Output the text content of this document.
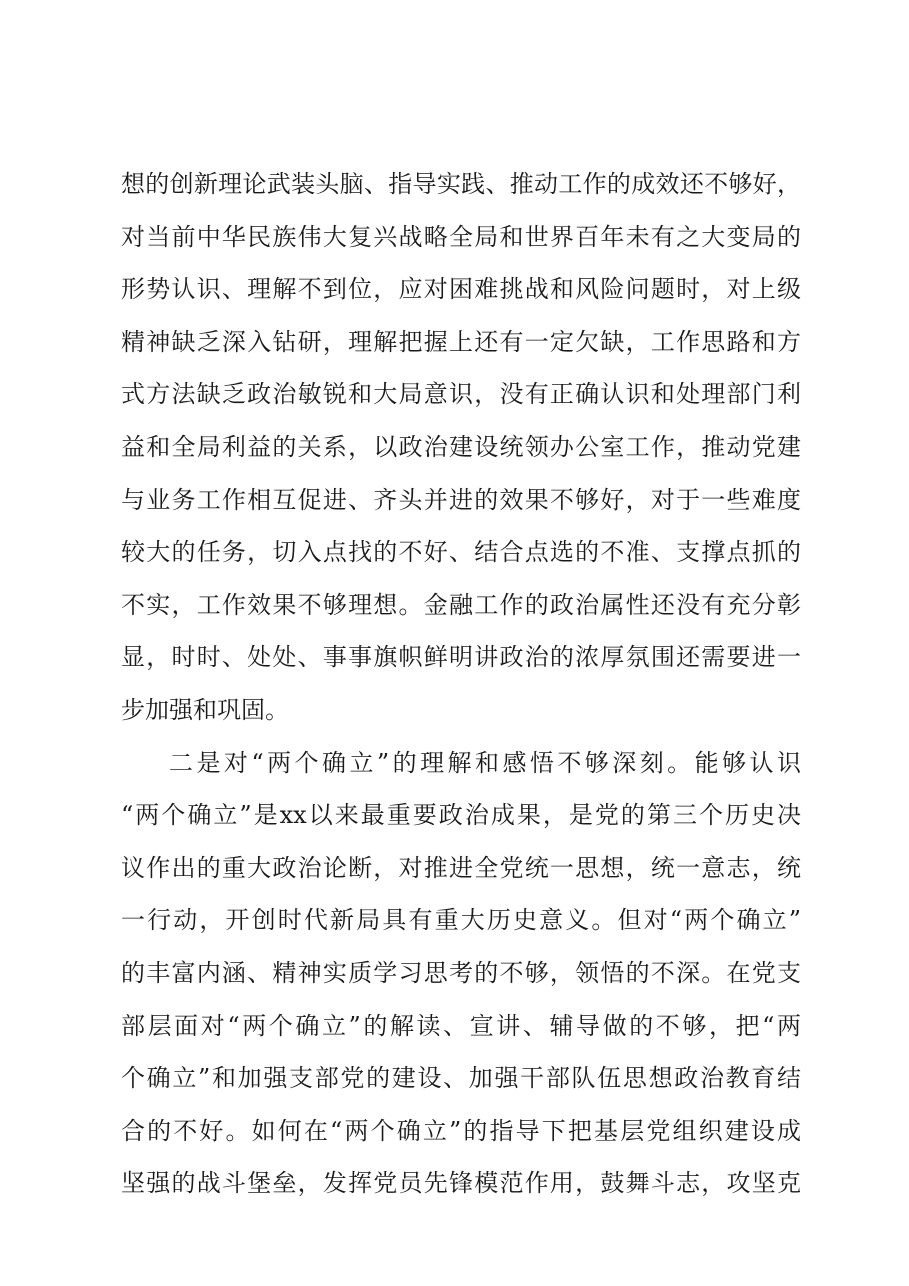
想的创新理论武装头脑、指导实践、推动工作的成效还不够好，
对当前中华民族伟大复兴战略全局和世界百年未有之大变局的
形势认识、理解不到位，应对困难挑战和风险问题时，对上级
精神缺乏深入钻研，理解把握上还有一定欠缺，工作思路和方
式方法缺乏政治敏锐和大局意识，没有正确认识和处理部门利
益和全局利益的关系，以政治建设统领办公室工作，推动党建
与业务工作相互促进、齐头并进的效果不够好，对于一些难度
较大的任务，切入点找的不好、结合点选的不准、支撑点抓的
不实，工作效果不够理想。金融工作的政治属性还没有充分彰
显，时时、处处、事事旗帜鲜明讲政治的浓厚氛围还需要进一
步加强和巩固。
二是对“两个确立”的理解和感悟不够深刻。能够认识
“两个确立”是xx以来最重要政治成果，是党的第三个历史决
议作出的重大政治论断，对推进全党统一思想，统一意志，统
一行动，开创时代新局具有重大历史意义。但对“两个确立”
的丰富内涵、精神实质学习思考的不够，领悟的不深。在党支
部层面对“两个确立”的解读、宣讲、辅导做的不够，把“两
个确立”和加强支部党的建设、加强干部队伍思想政治教育结
合的不好。如何在“两个确立”的指导下把基层党组织建设成
坚强的战斗堡垒，发挥党员先锋模范作用，鼓舞斗志，攻坚克
